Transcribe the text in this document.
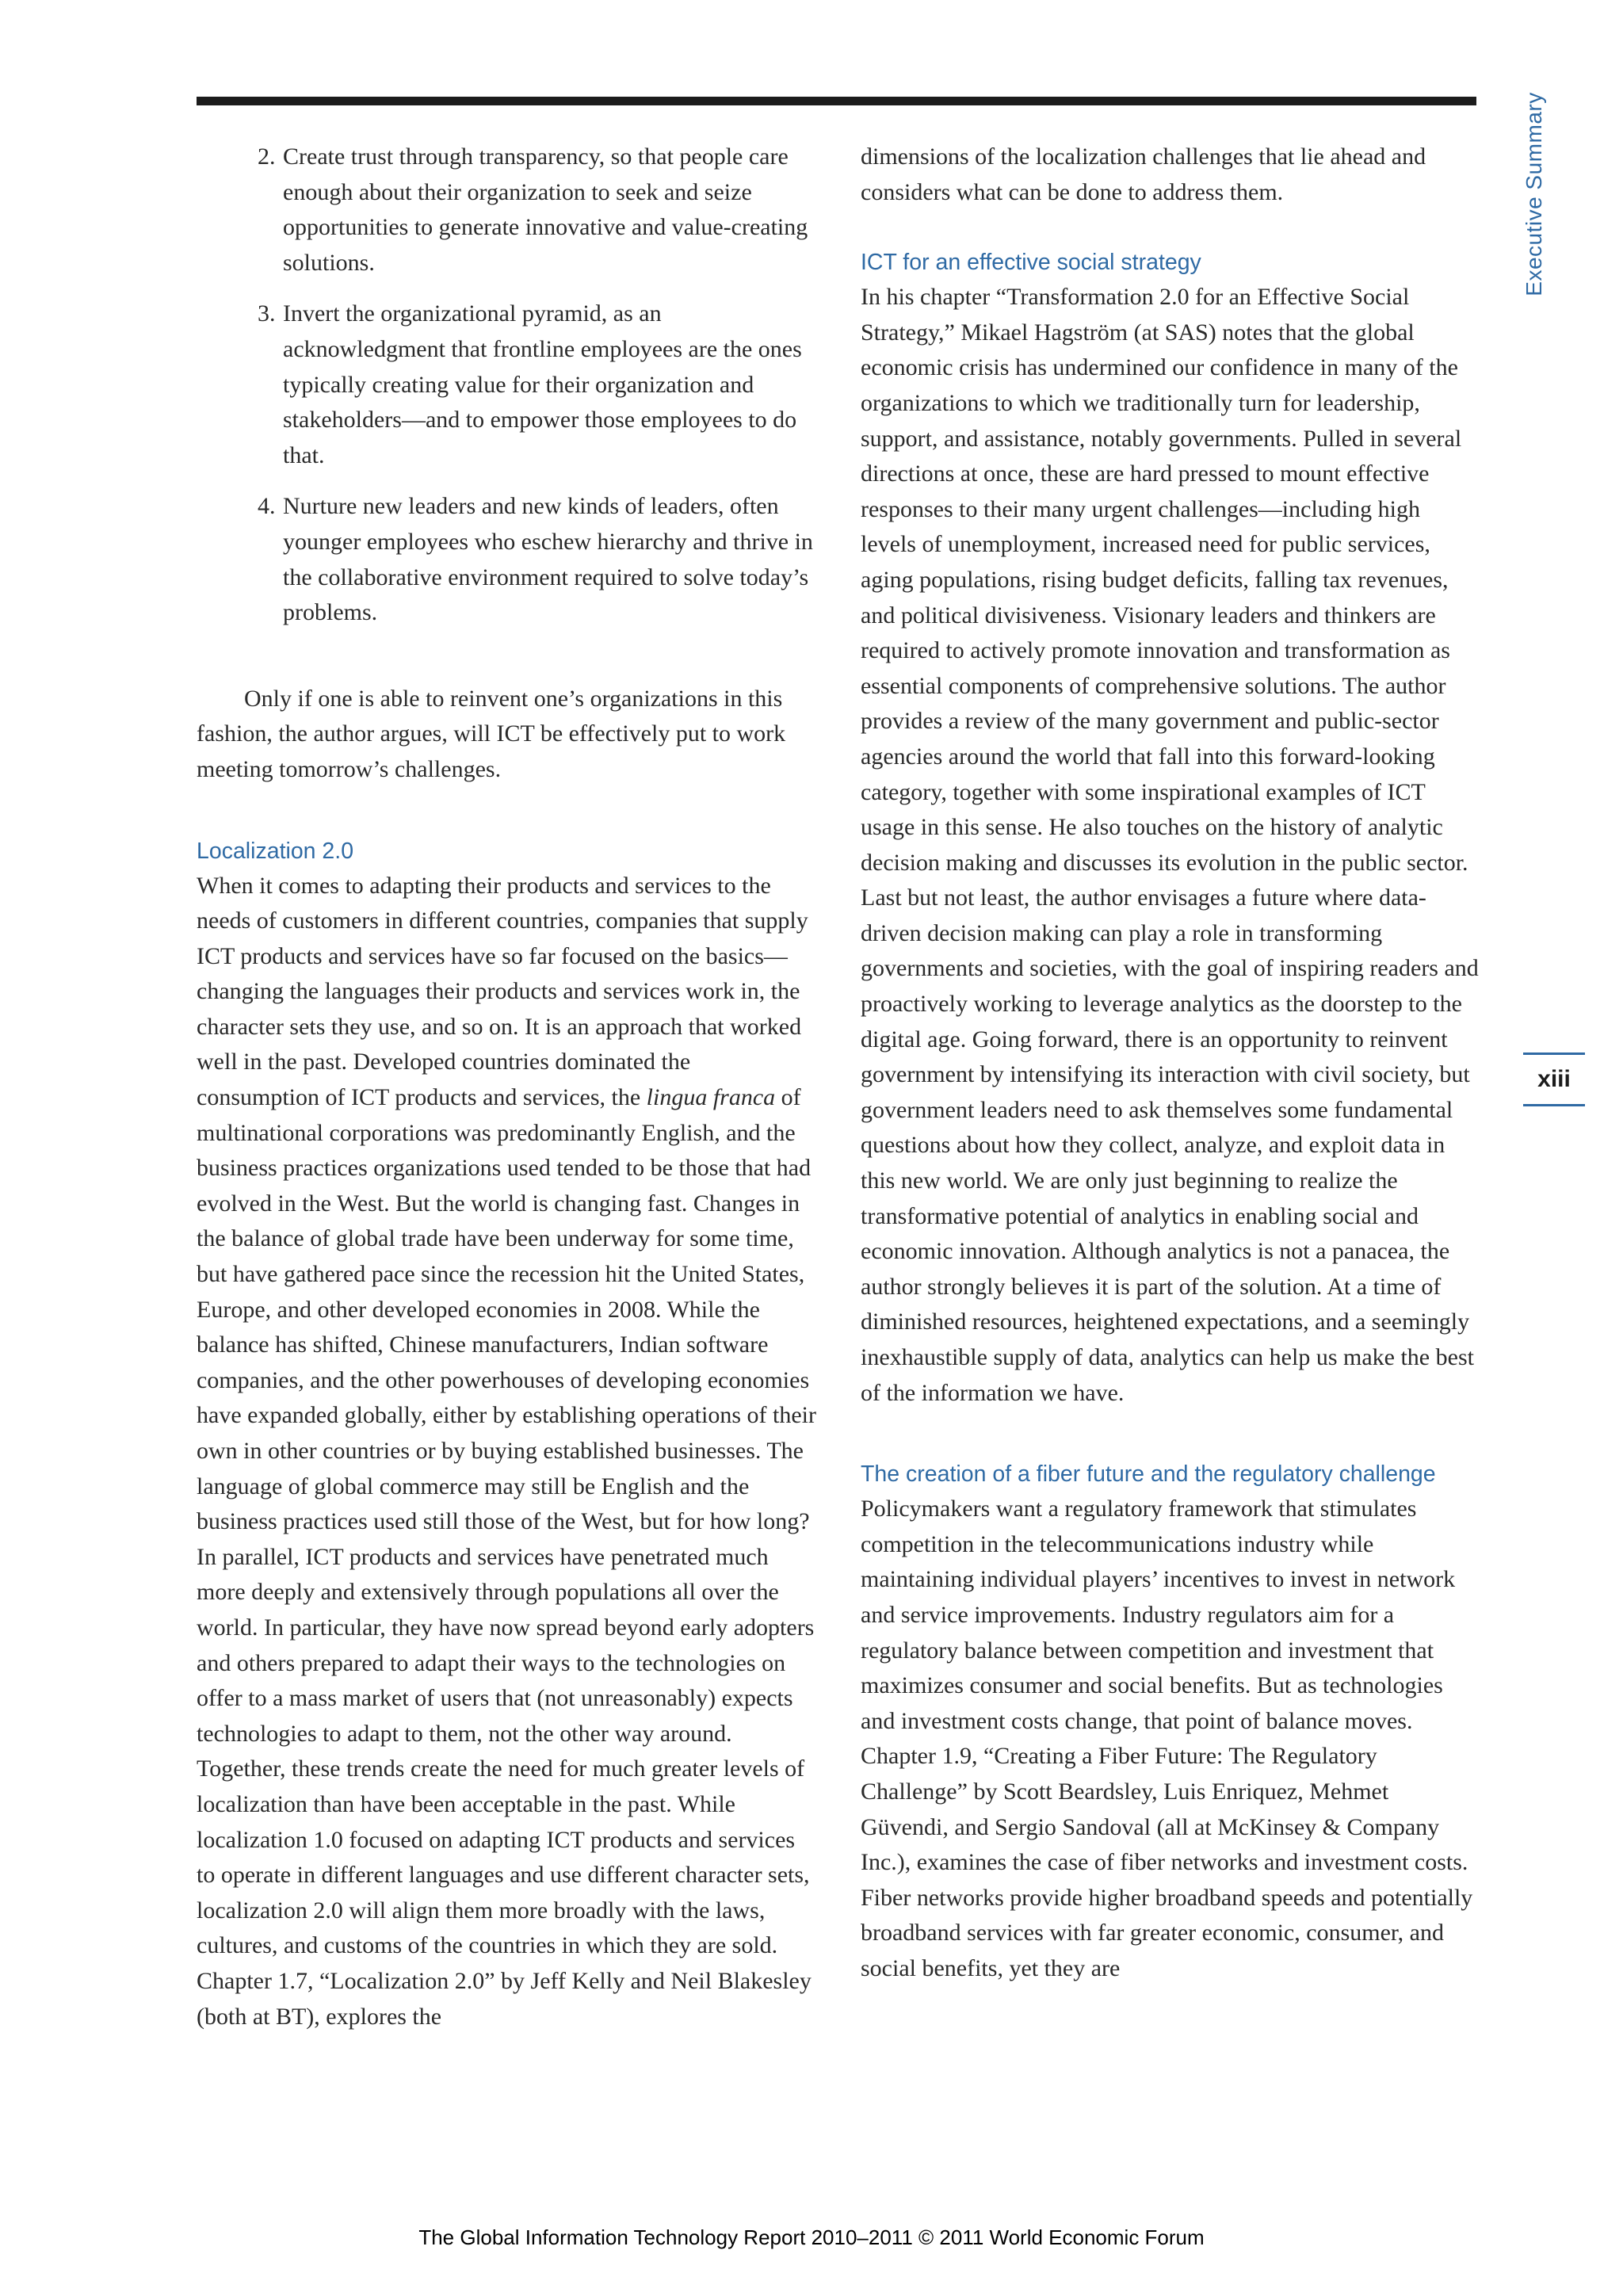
Executive Summary
xiii
2. Create trust through transparency, so that people care enough about their organization to seek and seize opportunities to generate innovative and value-creating solutions.
3. Invert the organizational pyramid, as an acknowledgment that frontline employees are the ones typically creating value for their organization and stakeholders—and to empower those employees to do that.
4. Nurture new leaders and new kinds of leaders, often younger employees who eschew hierarchy and thrive in the collaborative environment required to solve today’s problems.

Only if one is able to reinvent one’s organizations in this fashion, the author argues, will ICT be effectively put to work meeting tomorrow’s challenges.

Localization 2.0

When it comes to adapting their products and services to the needs of customers in different countries, companies that supply ICT products and services have so far focused on the basics—changing the languages their products and services work in, the character sets they use, and so on. It is an approach that worked well in the past. Developed countries dominated the consumption of ICT products and services, the lingua franca of multinational corporations was predominantly English, and the business practices organizations used tended to be those that had evolved in the West. But the world is changing fast. Changes in the balance of global trade have been underway for some time, but have gathered pace since the recession hit the United States, Europe, and other developed economies in 2008. While the balance has shifted, Chinese manufacturers, Indian software companies, and the other powerhouses of developing economies have expanded globally, either by establishing operations of their own in other countries or by buying established businesses. The language of global commerce may still be English and the business practices used still those of the West, but for how long? In parallel, ICT products and services have penetrated much more deeply and extensively through populations all over the world. In particular, they have now spread beyond early adopters and others prepared to adapt their ways to the technologies on offer to a mass market of users that (not unreasonably) expects technologies to adapt to them, not the other way around. Together, these trends create the need for much greater levels of localization than have been acceptable in the past. While localization 1.0 focused on adapting ICT products and services to operate in different languages and use different character sets, localization 2.0 will align them more broadly with the laws, cultures, and customs of the countries in which they are sold. Chapter 1.7, “Localization 2.0” by Jeff Kelly and Neil Blakesley (both at BT), explores the

dimensions of the localization challenges that lie ahead and considers what can be done to address them.

ICT for an effective social strategy

In his chapter “Transformation 2.0 for an Effective Social Strategy,” Mikael Hagström (at SAS) notes that the global economic crisis has undermined our confidence in many of the organizations to which we traditionally turn for leadership, support, and assistance, notably governments. Pulled in several directions at once, these are hard pressed to mount effective responses to their many urgent challenges—including high levels of unemployment, increased need for public services, aging populations, rising budget deficits, falling tax revenues, and political divisiveness. Visionary leaders and thinkers are required to actively promote innovation and transformation as essential components of comprehensive solutions. The author provides a review of the many government and public-sector agencies around the world that fall into this forward-looking category, together with some inspirational examples of ICT usage in this sense. He also touches on the history of analytic decision making and discusses its evolution in the public sector. Last but not least, the author envisages a future where data-driven decision making can play a role in transforming governments and societies, with the goal of inspiring readers and proactively working to leverage analytics as the doorstep to the digital age. Going forward, there is an opportunity to reinvent government by intensifying its interaction with civil society, but government leaders need to ask themselves some fundamental questions about how they collect, analyze, and exploit data in this new world. We are only just beginning to realize the transformative potential of analytics in enabling social and economic innovation. Although analytics is not a panacea, the author strongly believes it is part of the solution. At a time of diminished resources, heightened expectations, and a seemingly inexhaustible supply of data, analytics can help us make the best of the information we have.

The creation of a fiber future and the regulatory challenge

Policymakers want a regulatory framework that stimulates competition in the telecommunications industry while maintaining individual players’ incentives to invest in network and service improvements. Industry regulators aim for a regulatory balance between competition and investment that maximizes consumer and social benefits. But as technologies and investment costs change, that point of balance moves. Chapter 1.9, “Creating a Fiber Future: The Regulatory Challenge” by Scott Beardsley, Luis Enriquez, Mehmet Güvendi, and Sergio Sandoval (all at McKinsey & Company Inc.), examines the case of fiber networks and investment costs. Fiber networks provide higher broadband speeds and potentially broadband services with far greater economic, consumer, and social benefits, yet they are

The Global Information Technology Report 2010–2011 © 2011 World Economic Forum
